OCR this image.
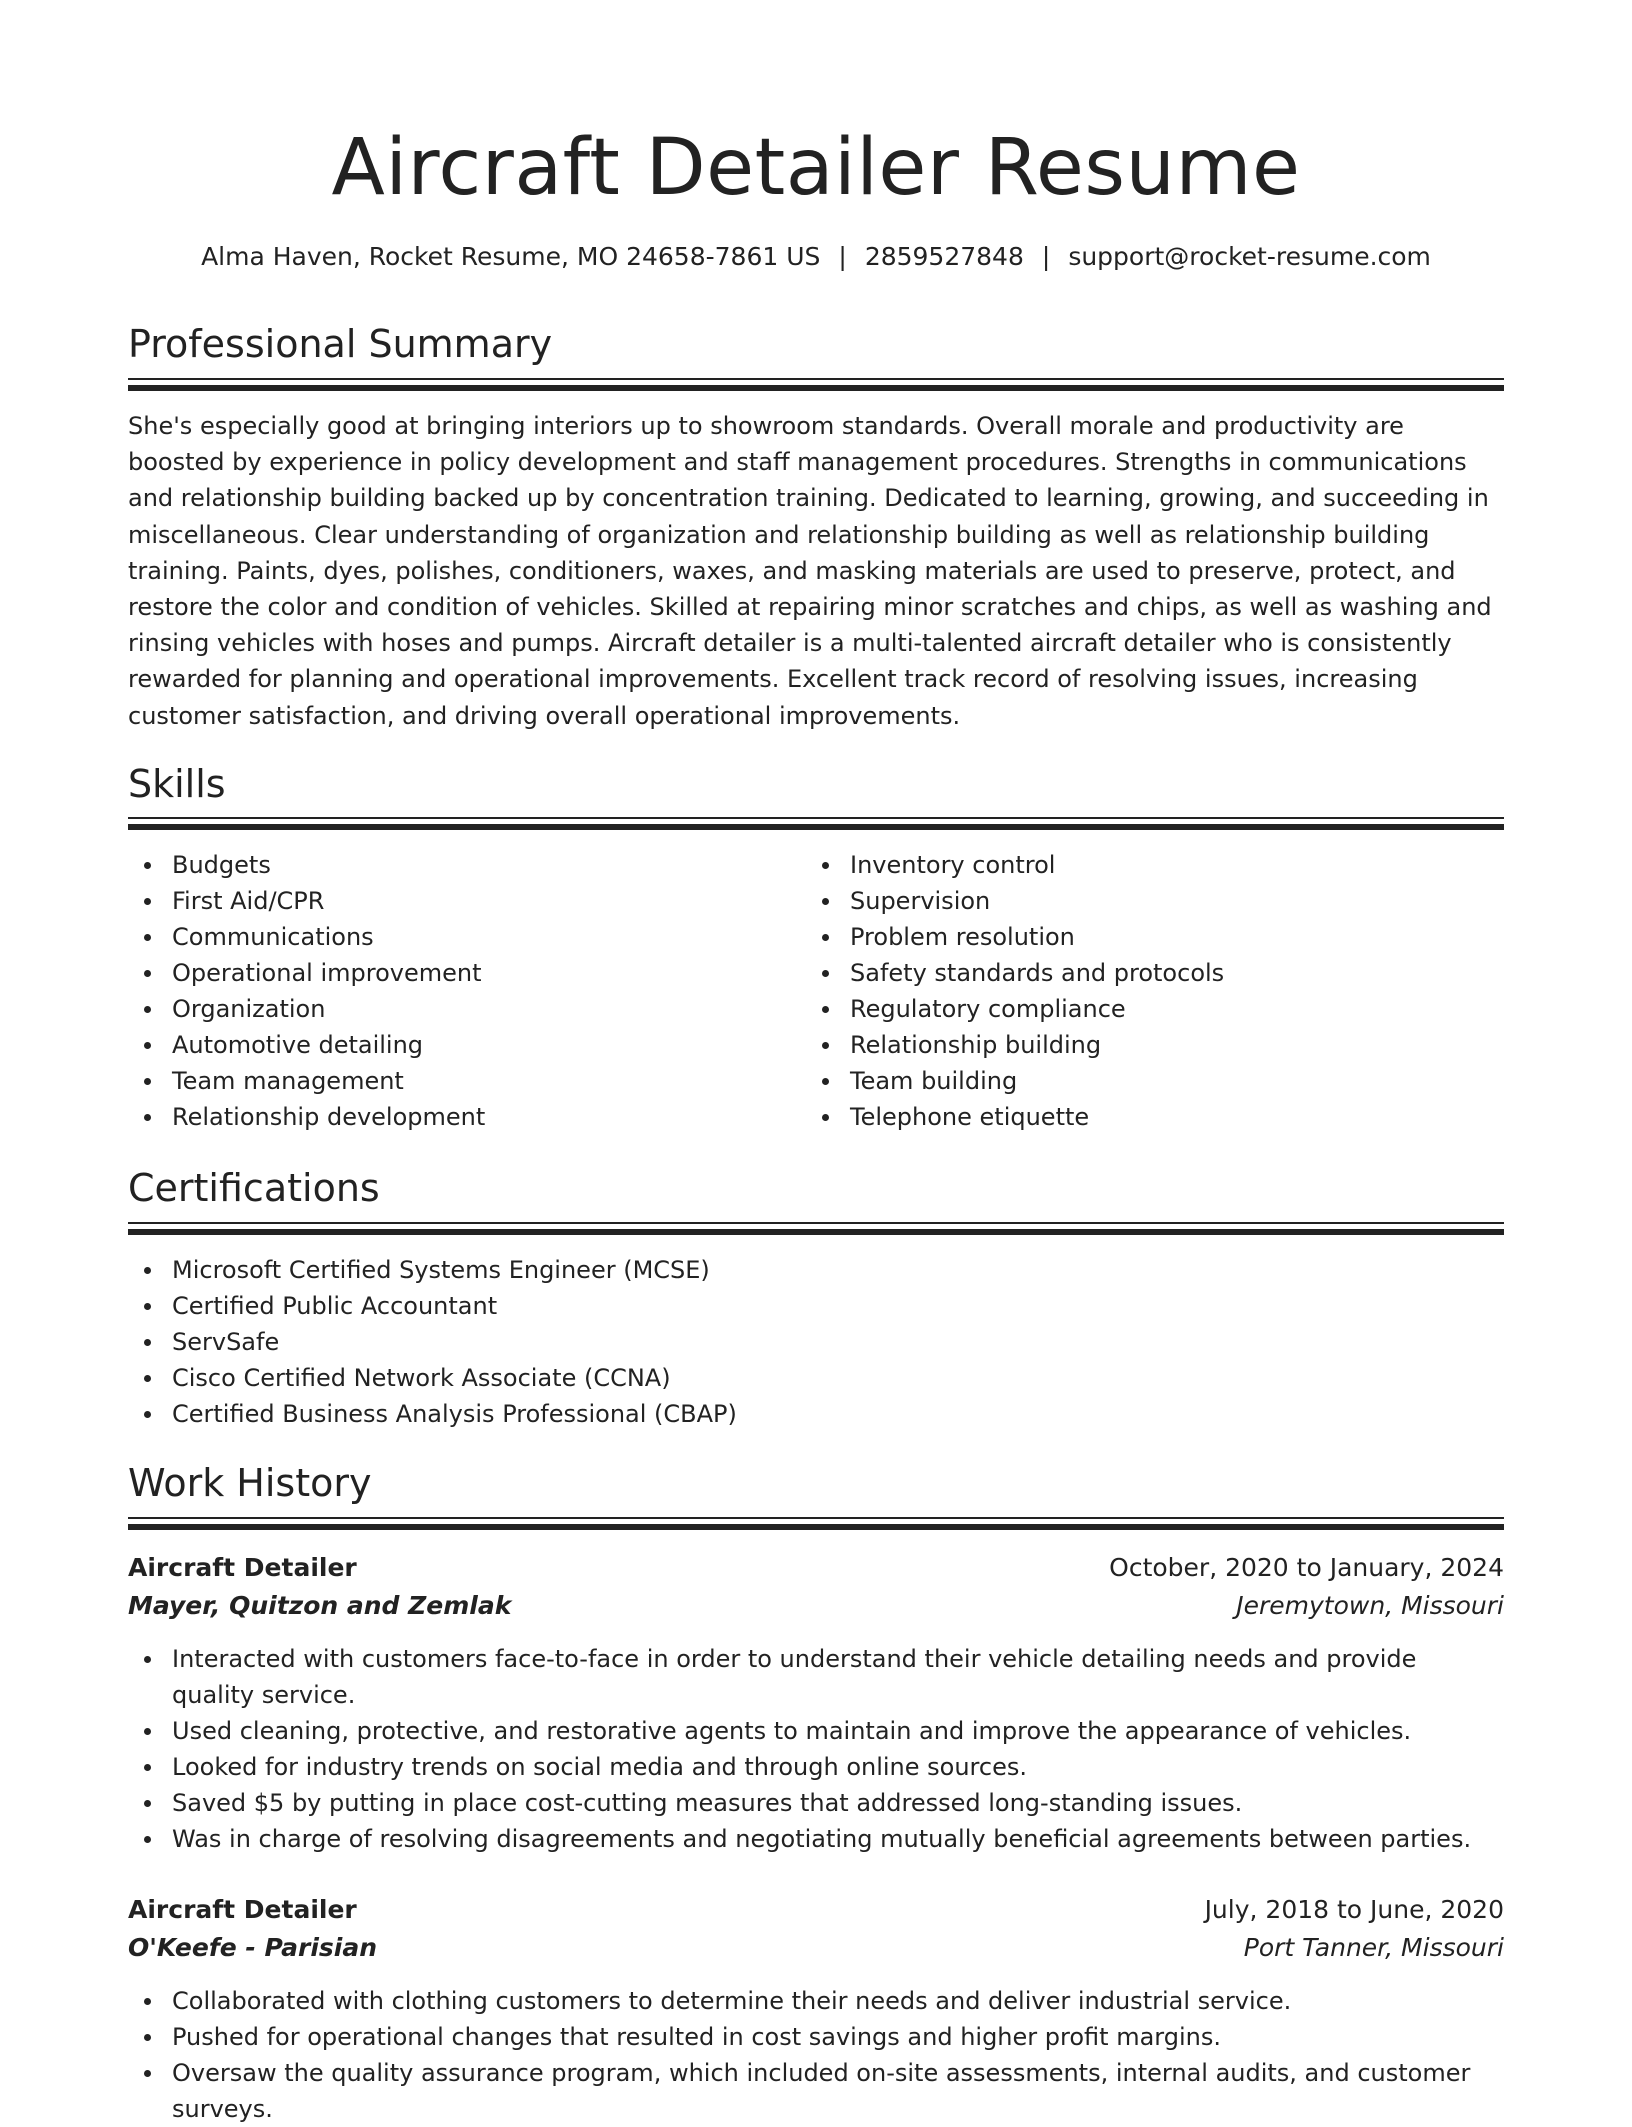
Aircraft Detailer Resume
Alma Haven, Rocket Resume, MO 24658-7861 US | 2859527848 | support@rocket-resume.com
Professional Summary

She's especially good at bringing interiors up to showroom standards. Overall morale and productivity are boosted by experience in policy development and staff management procedures. Strengths in communications and relationship building backed up by concentration training. Dedicated to learning, growing, and succeeding in miscellaneous. Clear understanding of organization and relationship building as well as relationship building training. Paints, dyes, polishes, conditioners, waxes, and masking materials are used to preserve, protect, and restore the color and condition of vehicles. Skilled at repairing minor scratches and chips, as well as washing and rinsing vehicles with hoses and pumps. Aircraft detailer is a multi-talented aircraft detailer who is consistently rewarded for planning and operational improvements. Excellent track record of resolving issues, increasing customer satisfaction, and driving overall operational improvements.

Skills
Budgets
First Aid/CPR
Communications
Operational improvement
Organization
Automotive detailing
Team management
Relationship development
Inventory control
Supervision
Problem resolution
Safety standards and protocols
Regulatory compliance
Relationship building
Team building
Telephone etiquette
Certifications
Microsoft Certified Systems Engineer (MCSE)
Certified Public Accountant
ServSafe
Cisco Certified Network Associate (CCNA)
Certified Business Analysis Professional (CBAP)
Work History
Aircraft Detailer	October, 2020 to January, 2024
Mayer, Quitzon and Zemlak	Jeremytown, Missouri
Interacted with customers face-to-face in order to understand their vehicle detailing needs and provide quality service.
Used cleaning, protective, and restorative agents to maintain and improve the appearance of vehicles.
Looked for industry trends on social media and through online sources.
Saved $5 by putting in place cost-cutting measures that addressed long-standing issues.
Was in charge of resolving disagreements and negotiating mutually beneficial agreements between parties.
Aircraft Detailer	July, 2018 to June, 2020
O'Keefe - Parisian	Port Tanner, Missouri
Collaborated with clothing customers to determine their needs and deliver industrial service.
Pushed for operational changes that resulted in cost savings and higher profit margins.
Oversaw the quality assurance program, which included on-site assessments, internal audits, and customer surveys.
